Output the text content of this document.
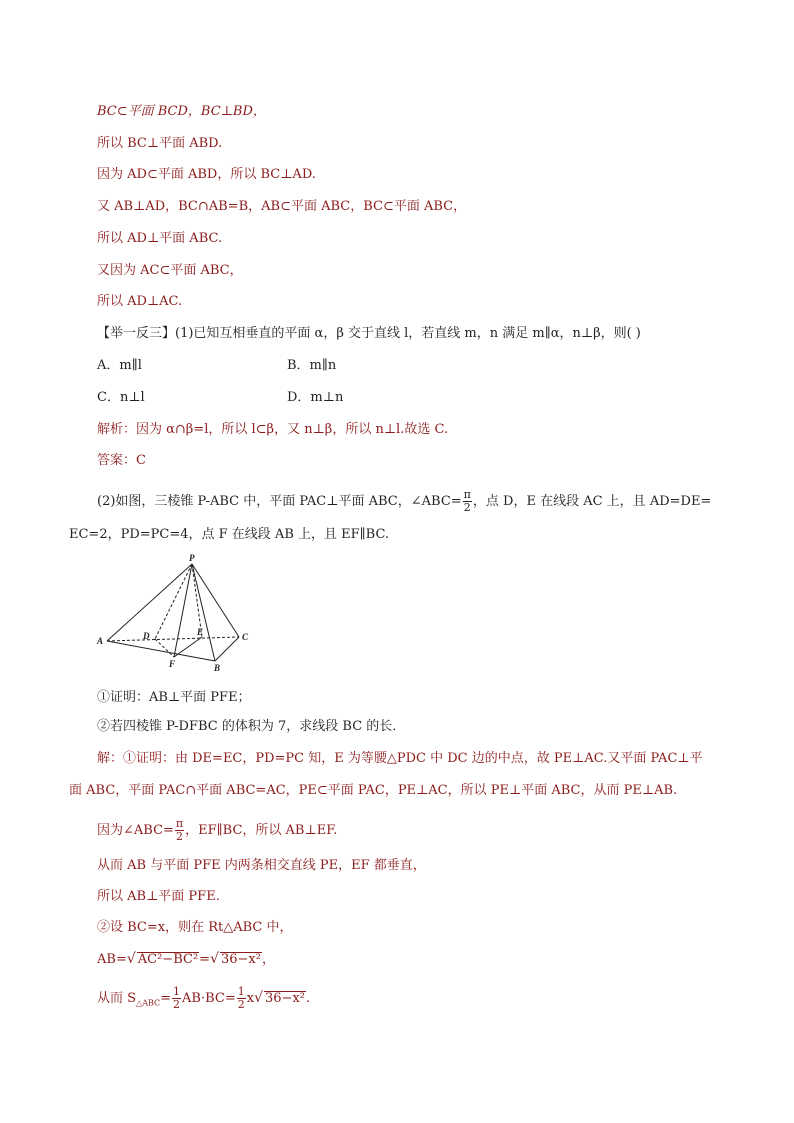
BC⊂平面 BCD，BC⊥BD，
所以 BC⊥平面 ABD.
因为 AD⊂平面 ABD，所以 BC⊥AD.
又 AB⊥AD，BC∩AB=B，AB⊂平面 ABC，BC⊂平面 ABC，
所以 AD⊥平面 ABC.
又因为 AC⊂平面 ABC，
所以 AD⊥AC.
【举一反三】(1)已知互相垂直的平面 α，β 交于直线 l，若直线 m，n 满足 m∥α，n⊥β，则( )
A．m∥l	B．m∥n
C．n⊥l	D．m⊥n
解析：因为 α∩β=l，所以 l⊂β，又 n⊥β，所以 n⊥l.故选 C.
答案：C
(2)如图，三棱锥 P-ABC 中，平面 PAC⊥平面 ABC，∠ABC= $\frac{\pi}{2}$ ，点 D，E 在线段 AC 上，且 AD=DE=
EC=2，PD=PC=4，点 F 在线段 AB 上，且 EF∥BC.
P
A
B
C
D	E
F
①证明：AB⊥平面 PFE；
②若四棱锥 P-DFBC 的体积为 7，求线段 BC 的长．
解：①证明：由 DE=EC，PD=PC 知，E 为等腰△PDC 中 DC 边的中点，故 PE⊥AC.又平面 PAC⊥平
面 ABC，平面 PAC∩平面 ABC=AC，PE⊂平面 PAC，PE⊥AC，所以 PE⊥平面 ABC，从而 PE⊥AB.
因为∠ABC= $\frac{\pi}{2}$ ，EF∥BC，所以 AB⊥EF.
从而 AB 与平面 PFE 内两条相交直线 PE，EF 都垂直，
所以 AB⊥平面 PFE.
②设 BC=x，则在 Rt△ABC 中，
AB=√ AC²−BC²=√ 36−x²，
从而 $S_{\triangle ABC}= \frac{1}{2} AB\cdot BC= \frac{1}{2} x√$ 36−x².
